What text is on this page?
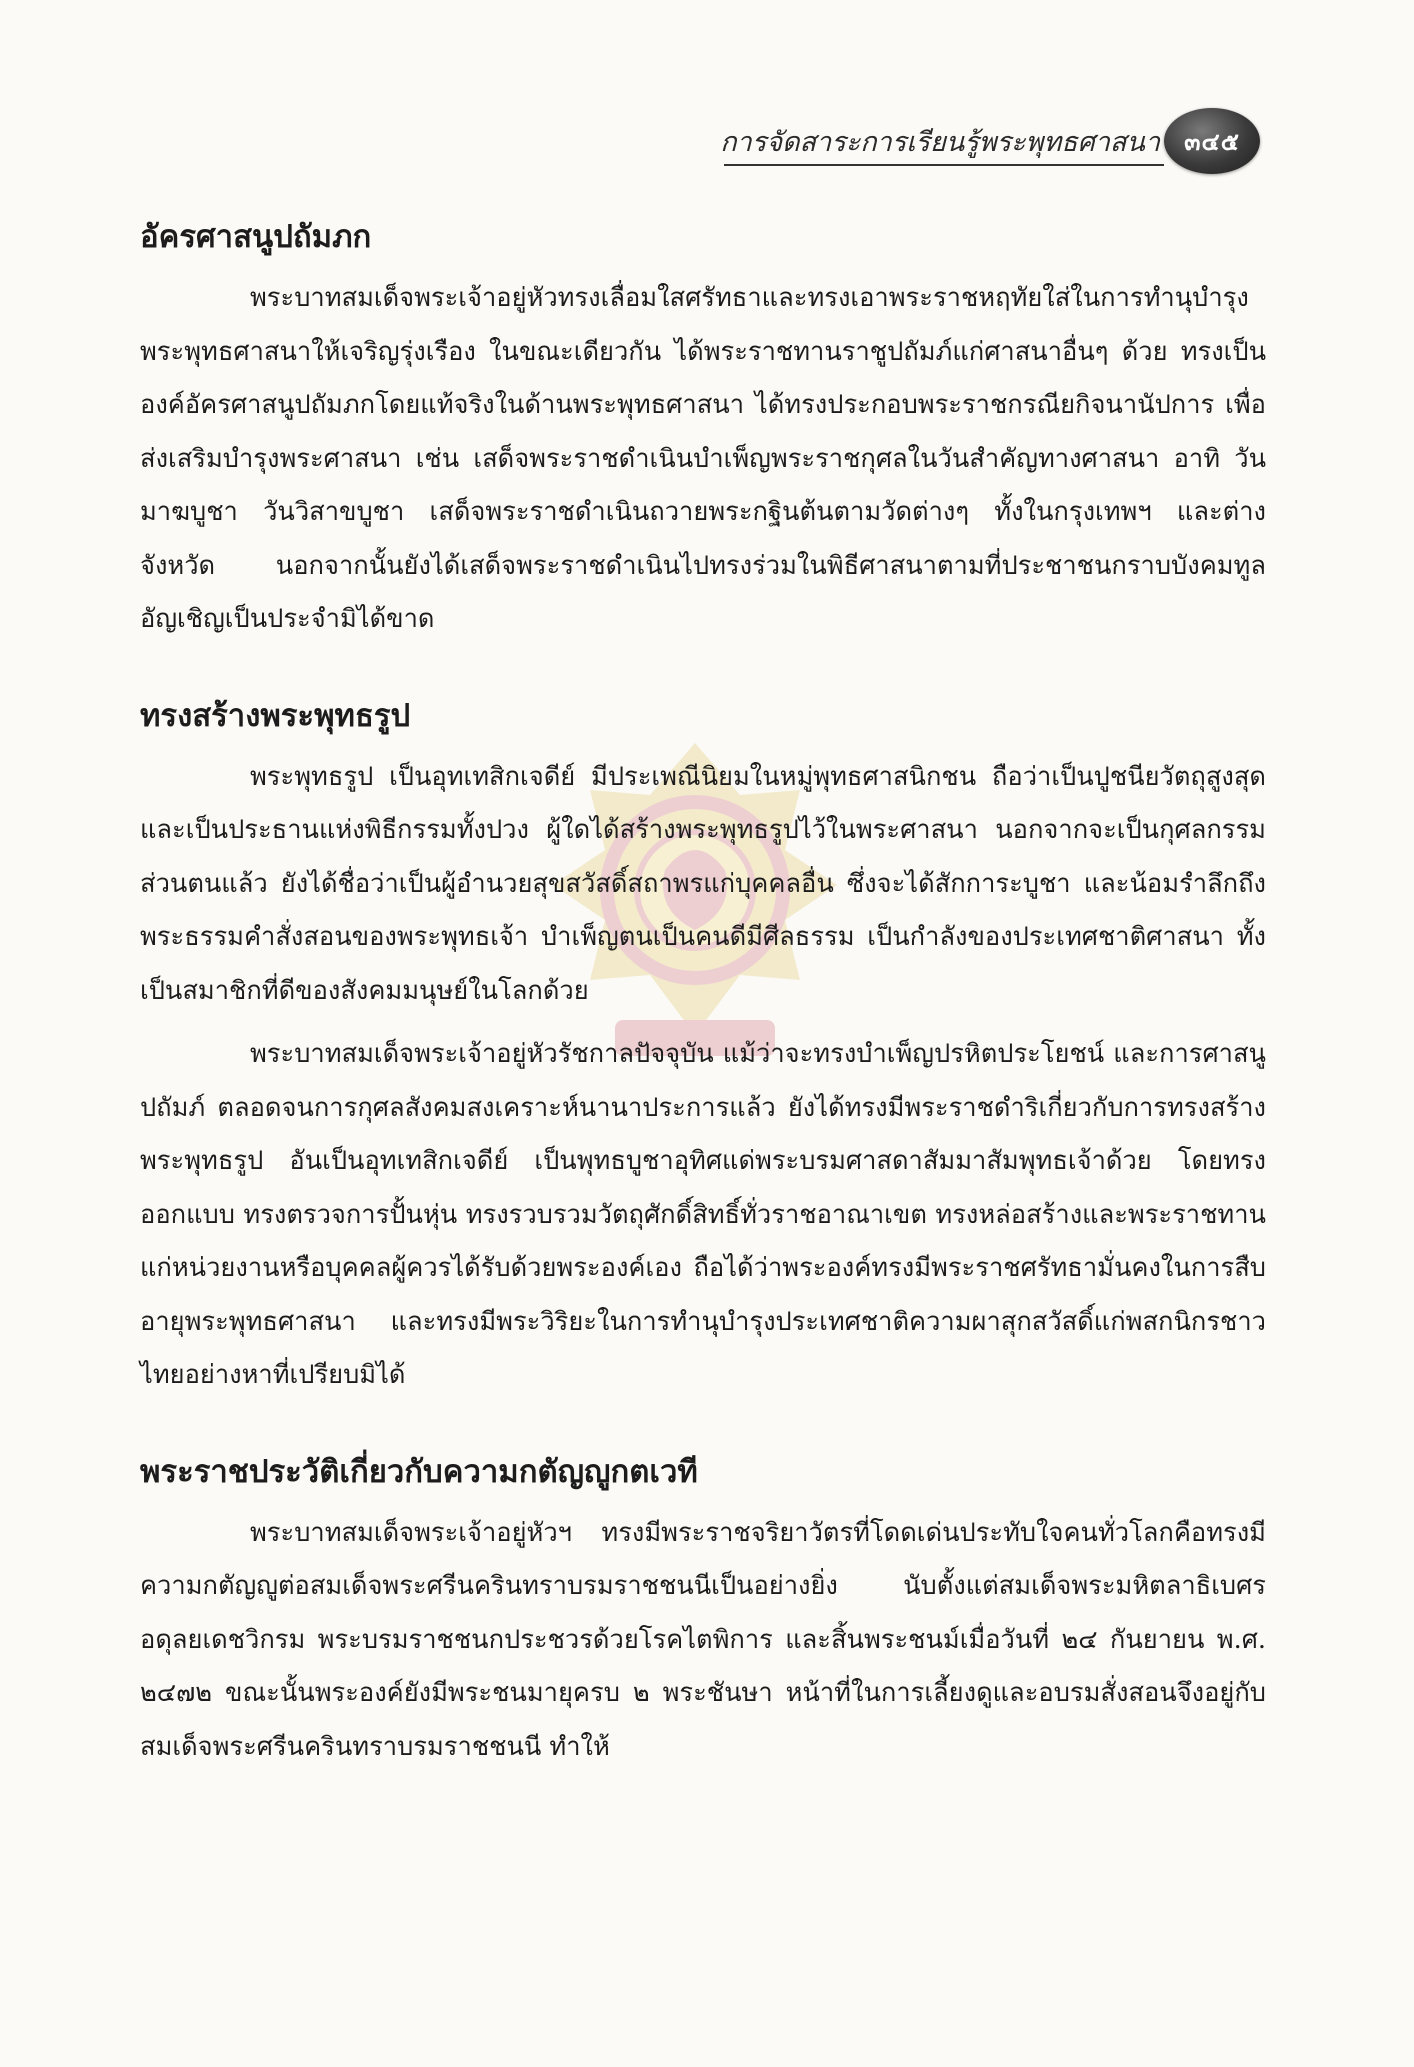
การจัดสาระการเรียนรู้พระพุทธศาสนา ๓๔๕
อัครศาสนูปถัมภก

พระบาทสมเด็จพระเจ้าอยู่หัวทรงเลื่อมใสศรัทธาและทรงเอาพระราชหฤทัยใส่ในการทำนุบำรุงพระพุทธศาสนาให้เจริญรุ่งเรือง ในขณะเดียวกัน ได้พระราชทานราชูปถัมภ์แก่ศาสนาอื่นๆ ด้วย ทรงเป็นองค์อัครศาสนูปถัมภกโดยแท้จริงในด้านพระพุทธศาสนา ได้ทรงประกอบพระราชกรณียกิจนานัปการ เพื่อส่งเสริมบำรุงพระศาสนา เช่น เสด็จพระราชดำเนินบำเพ็ญพระราชกุศลในวันสำคัญทางศาสนา อาทิ วันมาฆบูชา วันวิสาขบูชา เสด็จพระราชดำเนินถวายพระกฐินต้นตามวัดต่างๆ ทั้งในกรุงเทพฯ และต่างจังหวัด นอกจากนั้นยังได้เสด็จพระราชดำเนินไปทรงร่วมในพิธีศาสนาตามที่ประชาชนกราบบังคมทูลอัญเชิญเป็นประจำมิได้ขาด

ทรงสร้างพระพุทธรูป

พระพุทธรูป เป็นอุทเทสิกเจดีย์ มีประเพณีนิยมในหมู่พุทธศาสนิกชน ถือว่าเป็นปูชนียวัตถุสูงสุด และเป็นประธานแห่งพิธีกรรมทั้งปวง ผู้ใดได้สร้างพระพุทธรูปไว้ในพระศาสนา นอกจากจะเป็นกุศลกรรมส่วนตนแล้ว ยังได้ชื่อว่าเป็นผู้อำนวยสุขสวัสดิ์สถาพรแก่บุคคลอื่น ซึ่งจะได้สักการะบูชา และน้อมรำลึกถึงพระธรรมคำสั่งสอนของพระพุทธเจ้า บำเพ็ญตนเป็นคนดีมีศีลธรรม เป็นกำลังของประเทศชาติศาสนา ทั้งเป็นสมาชิกที่ดีของสังคมมนุษย์ในโลกด้วย

พระบาทสมเด็จพระเจ้าอยู่หัวรัชกาลปัจจุบัน แม้ว่าจะทรงบำเพ็ญปรหิตประโยชน์ และการศาสนูปถัมภ์ ตลอดจนการกุศลสังคมสงเคราะห์นานาประการแล้ว ยังได้ทรงมีพระราชดำริเกี่ยวกับการทรงสร้างพระพุทธรูป อันเป็นอุทเทสิกเจดีย์ เป็นพุทธบูชาอุทิศแด่พระบรมศาสดาสัมมาสัมพุทธเจ้าด้วย โดยทรงออกแบบ ทรงตรวจการปั้นหุ่น ทรงรวบรวมวัตถุศักดิ์สิทธิ์ทั่วราชอาณาเขต ทรงหล่อสร้างและพระราชทานแก่หน่วยงานหรือบุคคลผู้ควรได้รับด้วยพระองค์เอง ถือได้ว่าพระองค์ทรงมีพระราชศรัทธามั่นคงในการสืบอายุพระพุทธศาสนา และทรงมีพระวิริยะในการทำนุบำรุงประเทศชาติความผาสุกสวัสดิ์แก่พสกนิกรชาวไทยอย่างหาที่เปรียบมิได้

พระราชประวัติเกี่ยวกับความกตัญญูกตเวที

พระบาทสมเด็จพระเจ้าอยู่หัวฯ ทรงมีพระราชจริยาวัตรที่โดดเด่นประทับใจคนทั่วโลกคือทรงมีความกตัญญูต่อสมเด็จพระศรีนครินทราบรมราชชนนีเป็นอย่างยิ่ง นับตั้งแต่สมเด็จพระมหิตลาธิเบศร อดุลยเดชวิกรม พระบรมราชชนกประชวรด้วยโรคไตพิการ และสิ้นพระชนม์เมื่อวันที่ ๒๔ กันยายน พ.ศ. ๒๔๗๒ ขณะนั้นพระองค์ยังมีพระชนมายุครบ ๒ พระชันษา หน้าที่ในการเลี้ยงดูและอบรมสั่งสอนจึงอยู่กับสมเด็จพระศรีนครินทราบรมราชชนนี ทำให้
